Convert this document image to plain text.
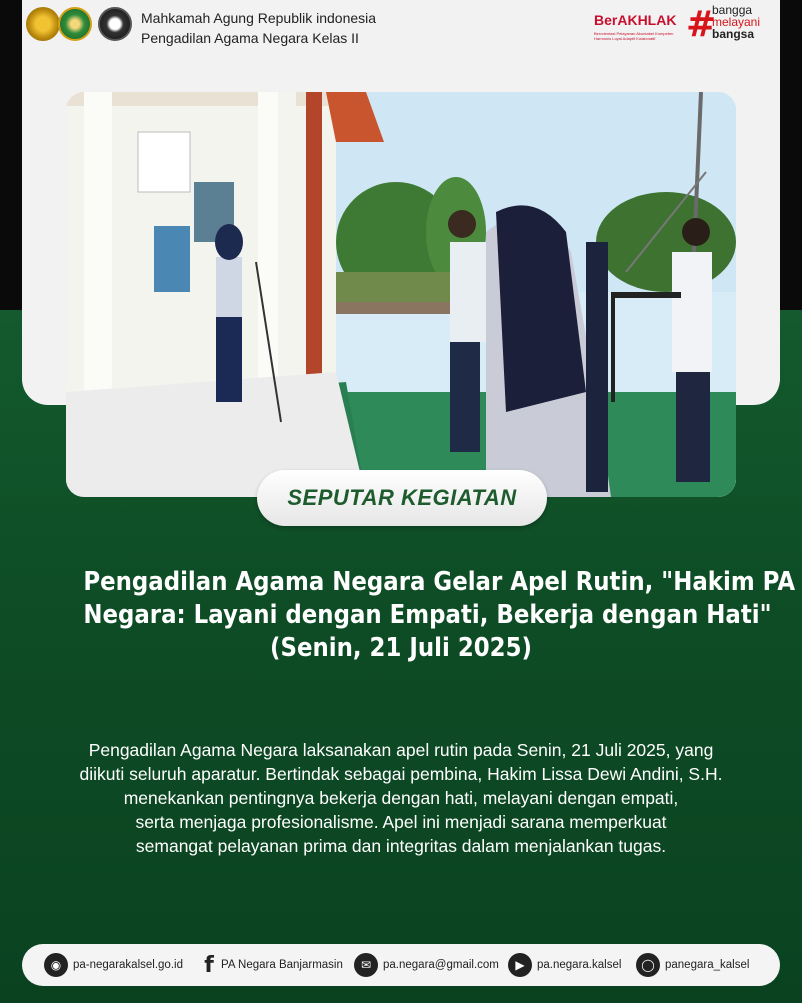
Mahkamah Agung Republik indonesia
Pengadilan Agama Negara Kelas II
BerAKHLAK
Berorientasi Pelayanan Akuntabel Kompeten Harmonis Loyal Adaptif Kolaboratif #
bangga
melayani
bangsa
SEPUTAR KEGIATAN
Pengadilan Agama Negara Gelar Apel Rutin, "Hakim PA
Negara: Layani dengan Empati, Bekerja dengan Hati"
(Senin, 21 Juli 2025)
Pengadilan Agama Negara laksanakan apel rutin pada Senin, 21 Juli 2025, yang
diikuti seluruh aparatur. Bertindak sebagai pembina, Hakim Lissa Dewi Andini, S.H.
menekankan pentingnya bekerja dengan hati, melayani dengan empati,
serta menjaga profesionalisme. Apel ini menjadi sarana memperkuat
semangat pelayanan prima dan integritas dalam menjalankan tugas.
◉	pa-negarakalsel.go.id f PA Negara Banjarmasin	✉	pa.negara@gmail.com	▶	pa.negara.kalsel	◯ panegara_kalsel
